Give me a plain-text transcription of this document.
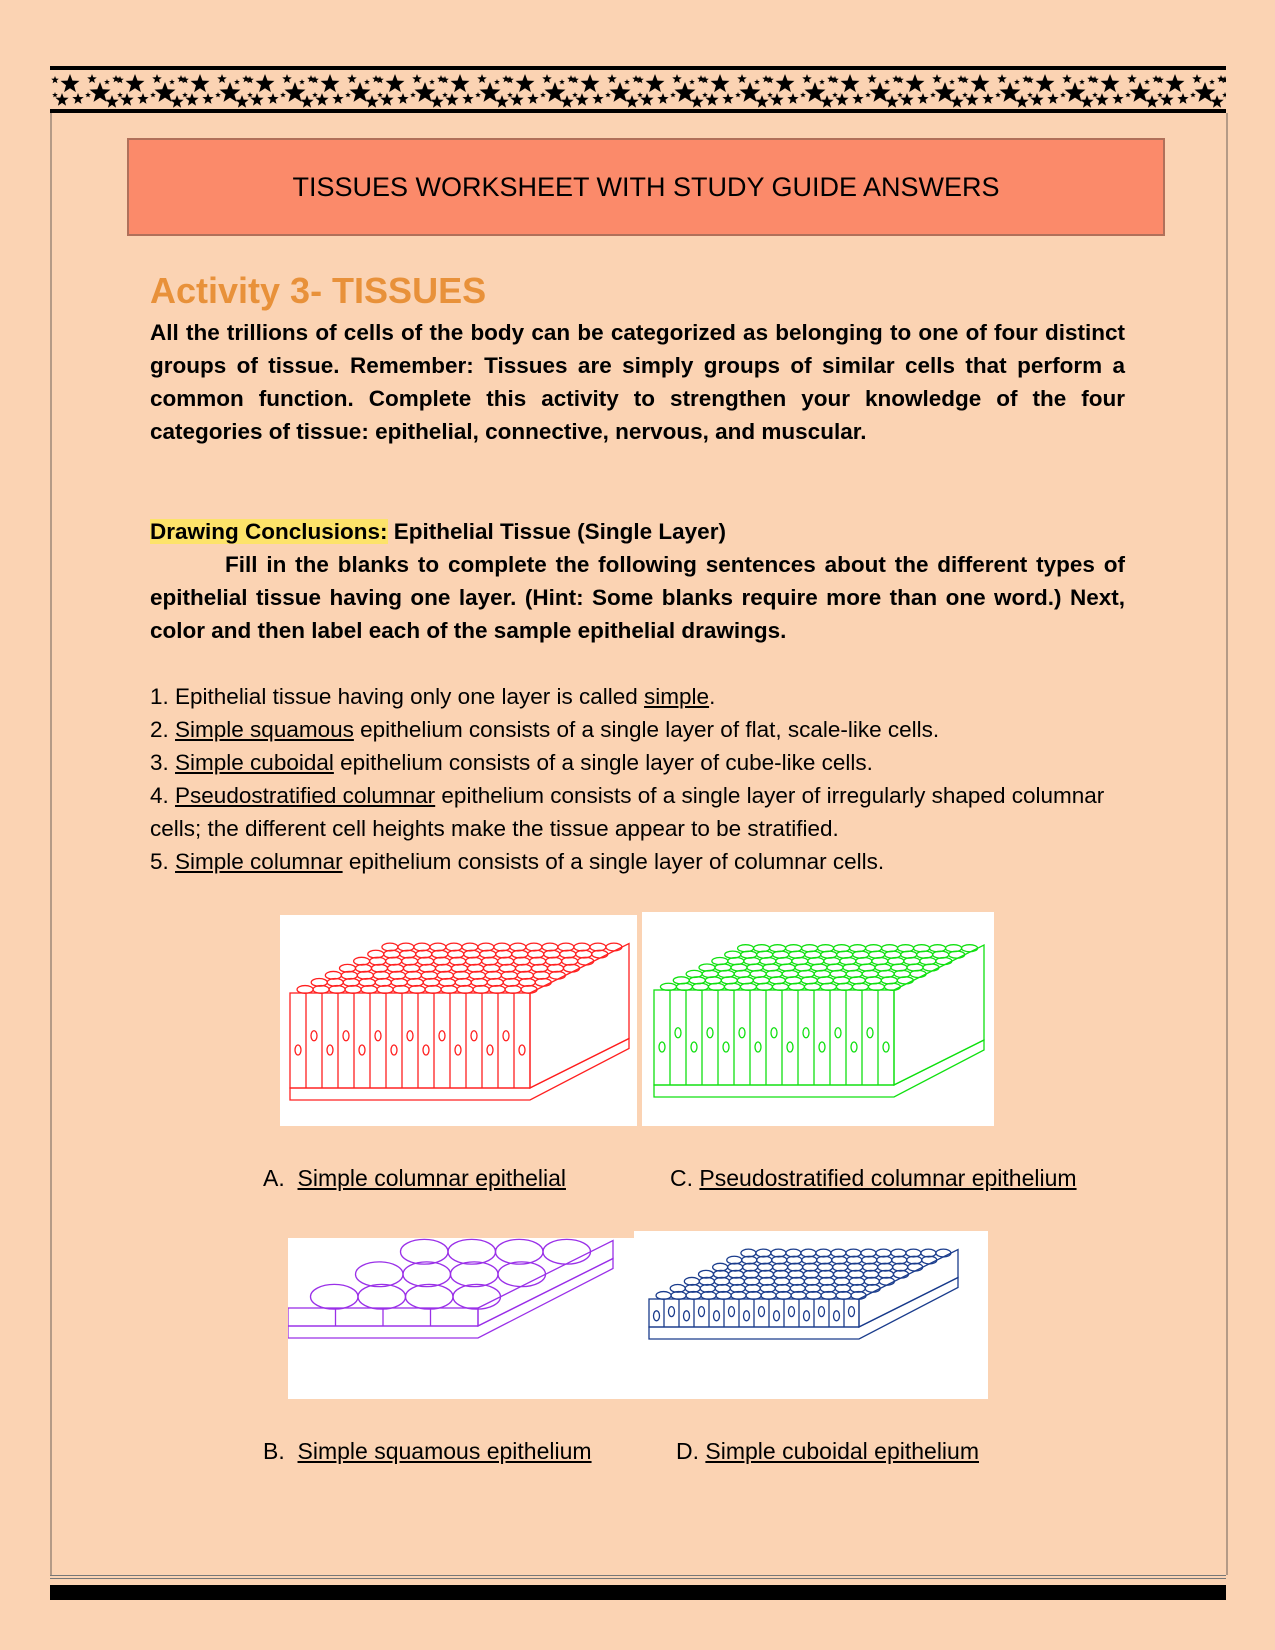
TISSUES WORKSHEET WITH STUDY GUIDE ANSWERS
Activity 3- TISSUES
All the trillions of cells of the body can be categorized as belonging to one of four distinct groups of tissue. Remember: Tissues are simply groups of similar cells that perform a common function. Complete this activity to strengthen your knowledge of the four categories of tissue: epithelial, connective, nervous, and muscular.
Drawing Conclusions: Epithelial Tissue (Single Layer)
Fill in the blanks to complete the following sentences about the different types of epithelial tissue having one layer. (Hint: Some blanks require more than one word.) Next, color and then label each of the sample epithelial drawings.
1. Epithelial tissue having only one layer is called simple.
2. Simple squamous epithelium consists of a single layer of flat, scale-like cells.
3. Simple cuboidal epithelium consists of a single layer of cube-like cells.
4. Pseudostratified columnar epithelium consists of a single layer of irregularly shaped columnar cells; the different cell heights make the tissue appear to be stratified.
5. Simple columnar epithelium consists of a single layer of columnar cells.
A. Simple columnar epithelial	C. Pseudostratified columnar epithelium
B. Simple squamous epithelium	D. Simple cuboidal epithelium
